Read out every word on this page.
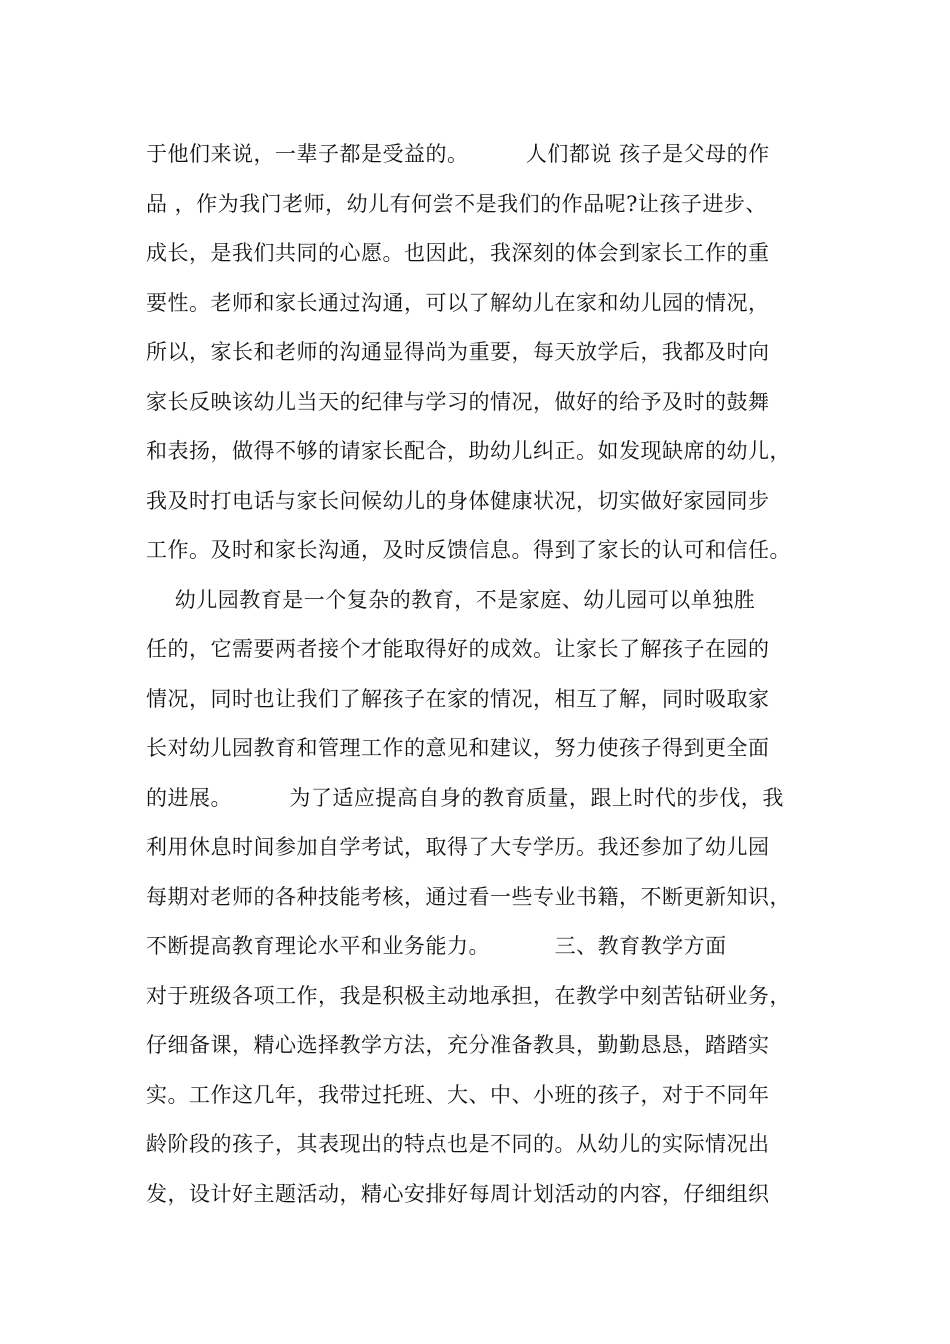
于他们来说，一辈子都是受益的。        人们都说 孩子是父母的作
品 ，作为我门老师，幼儿有何尝不是我们的作品呢?让孩子进步、
成长，是我们共同的心愿。也因此，我深刻的体会到家长工作的重
要性。老师和家长通过沟通，可以了解幼儿在家和幼儿园的情况，
所以，家长和老师的沟通显得尚为重要，每天放学后，我都及时向
家长反映该幼儿当天的纪律与学习的情况，做好的给予及时的鼓舞
和表扬，做得不够的请家长配合，助幼儿纠正。如发现缺席的幼儿，
我及时打电话与家长问候幼儿的身体健康状况，切实做好家园同步
工作。及时和家长沟通，及时反馈信息。得到了家长的认可和信任。
幼儿园教育是一个复杂的教育，不是家庭、幼儿园可以单独胜
任的，它需要两者接个才能取得好的成效。让家长了解孩子在园的
情况，同时也让我们了解孩子在家的情况，相互了解，同时吸取家
长对幼儿园教育和管理工作的意见和建议，努力使孩子得到更全面
的进展。        为了适应提高自身的教育质量，跟上时代的步伐，我
利用休息时间参加自学考试，取得了大专学历。我还参加了幼儿园
每期对老师的各种技能考核，通过看一些专业书籍，不断更新知识，
不断提高教育理论水平和业务能力。         三、教育教学方面
对于班级各项工作，我是积极主动地承担，在教学中刻苦钻研业务，
仔细备课，精心选择教学方法，充分准备教具，勤勤恳恳，踏踏实
实。工作这几年，我带过托班、大、中、小班的孩子，对于不同年
龄阶段的孩子，其表现出的特点也是不同的。从幼儿的实际情况出
发，设计好主题活动，精心安排好每周计划活动的内容，仔细组织
